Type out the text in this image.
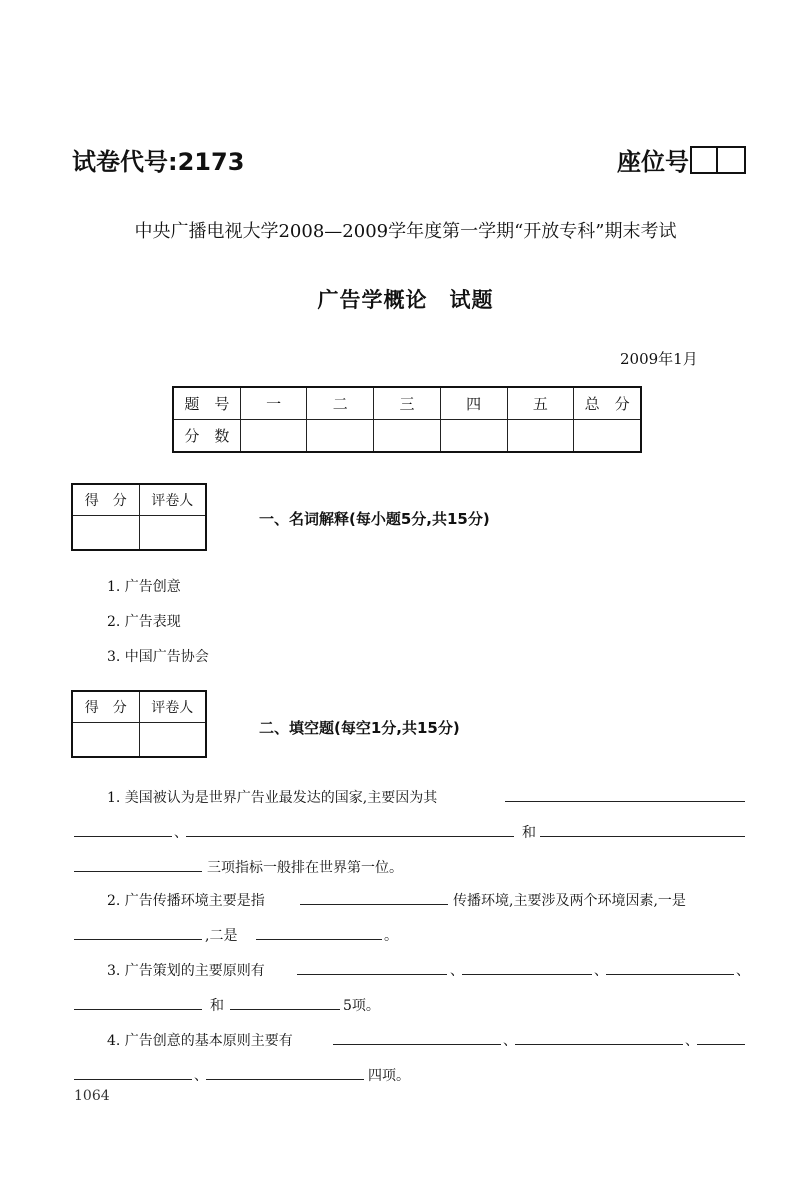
试卷代号:2173	座位号
中央广播电视大学2008—2009学年度第一学期“开放专科”期末考试
广告学概论　试题
2009年1月
题　号	一	二	三	四	五	总　分
分　数						
得　分	评卷人

一、名词解释(每小题5分,共15分)
1. 广告创意
2. 广告表现
3. 中国广告协会
得　分	评卷人

二、填空题(每空1分,共15分)
1. 美国被认为是世界广告业最发达的国家,主要因为其
、	和
三项指标一般排在世界第一位。
2. 广告传播环境主要是指	传播环境,主要涉及两个环境因素,一是
,二是	。
3. 广告策划的主要原则有	、	、	、
和	5项。
4. 广告创意的基本原则主要有	、	、
、	四项。
1064
